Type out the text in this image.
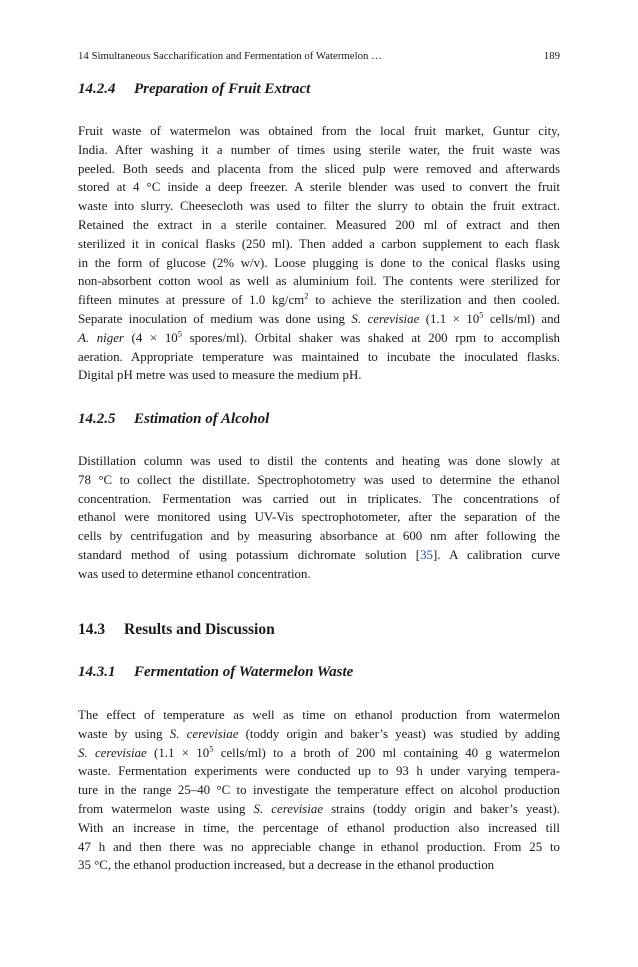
14 Simultaneous Saccharification and Fermentation of Watermelon …	189
14.2.4 Preparation of Fruit Extract
Fruit waste of watermelon was obtained from the local fruit market, Guntur city,
India. After washing it a number of times using sterile water, the fruit waste was
peeled. Both seeds and placenta from the sliced pulp were removed and afterwards
stored at 4 °C inside a deep freezer. A sterile blender was used to convert the fruit
waste into slurry. Cheesecloth was used to filter the slurry to obtain the fruit extract.
Retained the extract in a sterile container. Measured 200 ml of extract and then
sterilized it in conical flasks (250 ml). Then added a carbon supplement to each flask
in the form of glucose (2% w/v). Loose plugging is done to the conical flasks using
non-absorbent cotton wool as well as aluminium foil. The contents were sterilized for
fifteen minutes at pressure of 1.0 $kg/cm^2$ to achieve the sterilization and then cooled.
Separate inoculation of medium was done using S. cerevisiae ($1.1 \times 10^5$ cells/ml) and
A. niger ($4 \times 10^5$ spores/ml). Orbital shaker was shaked at 200 rpm to accomplish
aeration. Appropriate temperature was maintained to incubate the inoculated flasks.
Digital pH metre was used to measure the medium pH.
14.2.5 Estimation of Alcohol
Distillation column was used to distil the contents and heating was done slowly at
78 °C to collect the distillate. Spectrophotometry was used to determine the ethanol
concentration. Fermentation was carried out in triplicates. The concentrations of
ethanol were monitored using UV-Vis spectrophotometer, after the separation of the
cells by centrifugation and by measuring absorbance at 600 nm after following the
standard method of using potassium dichromate solution [35]. A calibration curve
was used to determine ethanol concentration.
14.3 Results and Discussion
14.3.1 Fermentation of Watermelon Waste
The effect of temperature as well as time on ethanol production from watermelon
waste by using S. cerevisiae (toddy origin and baker’s yeast) was studied by adding
S. cerevisiae ($1.1 \times 10^5$ cells/ml) to a broth of 200 ml containing 40 g watermelon
waste. Fermentation experiments were conducted up to 93 h under varying tempera-
ture in the range 25–40 °C to investigate the temperature effect on alcohol production
from watermelon waste using S. cerevisiae strains (toddy origin and baker’s yeast).
With an increase in time, the percentage of ethanol production also increased till
47 h and then there was no appreciable change in ethanol production. From 25 to
35 °C, the ethanol production increased, but a decrease in the ethanol production
